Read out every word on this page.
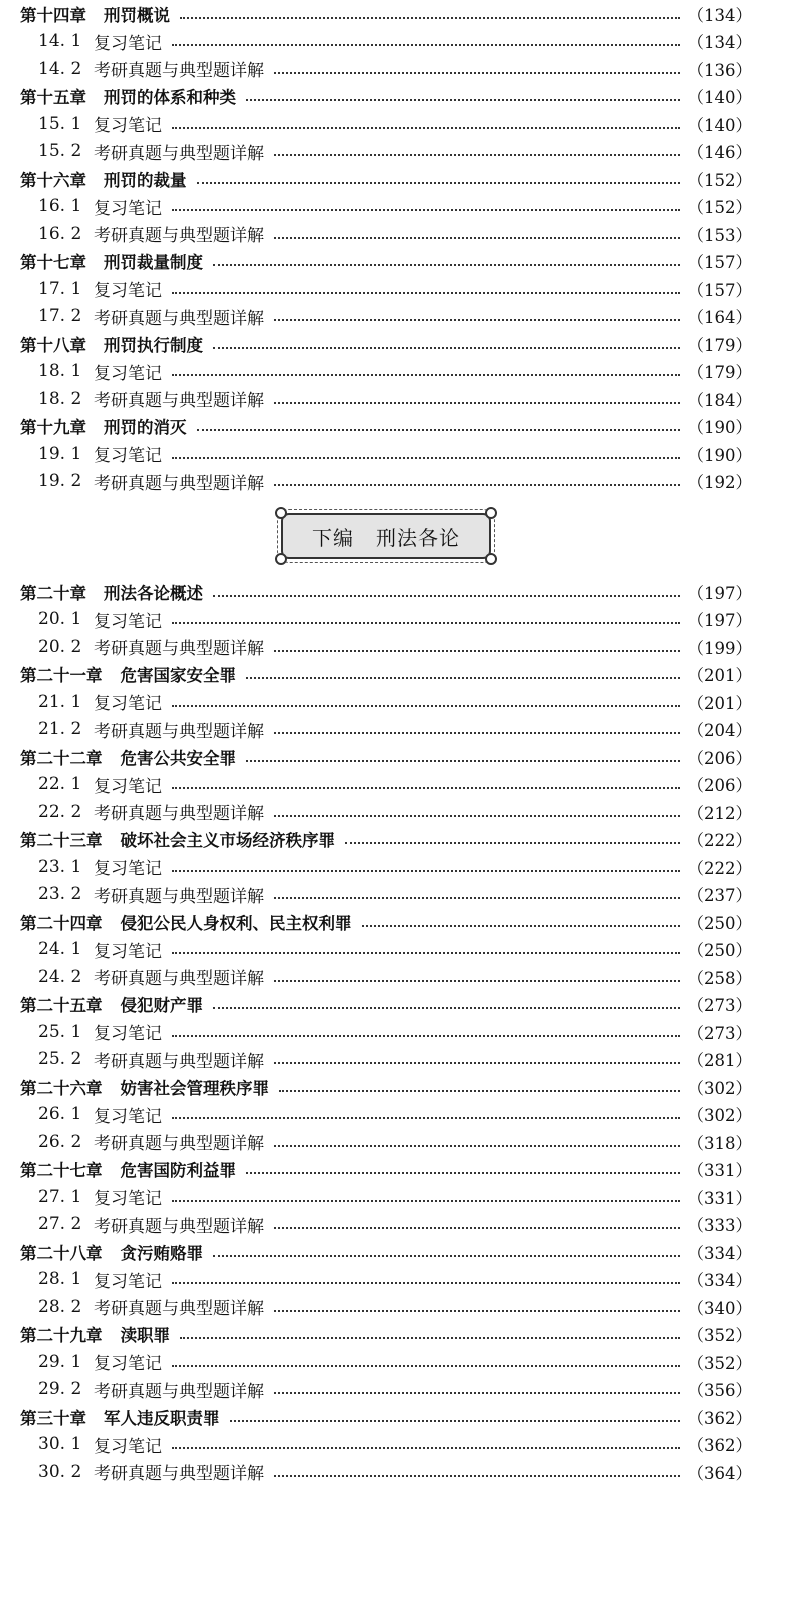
第十四章 刑罚概说	（134）
14. 1 复习笔记	（134）
14. 2 考研真题与典型题详解	（136）
第十五章 刑罚的体系和种类	（140）
15. 1 复习笔记	（140）
15. 2 考研真题与典型题详解	（146）
第十六章 刑罚的裁量	（152）
16. 1 复习笔记	（152）
16. 2 考研真题与典型题详解	（153）
第十七章 刑罚裁量制度	（157）
17. 1 复习笔记	（157）
17. 2 考研真题与典型题详解	（164）
第十八章 刑罚执行制度	（179）
18. 1 复习笔记	（179）
18. 2 考研真题与典型题详解	（184）
第十九章 刑罚的消灭	（190）
19. 1 复习笔记	（190）
19. 2 考研真题与典型题详解	（192）
下编 刑法各论
第二十章 刑法各论概述	（197）
20. 1 复习笔记	（197）
20. 2 考研真题与典型题详解	（199）
第二十一章 危害国家安全罪	（201）
21. 1 复习笔记	（201）
21. 2 考研真题与典型题详解	（204）
第二十二章 危害公共安全罪	（206）
22. 1 复习笔记	（206）
22. 2 考研真题与典型题详解	（212）
第二十三章 破坏社会主义市场经济秩序罪	（222）
23. 1 复习笔记	（222）
23. 2 考研真题与典型题详解	（237）
第二十四章 侵犯公民人身权利、民主权利罪	（250）
24. 1 复习笔记	（250）
24. 2 考研真题与典型题详解	（258）
第二十五章 侵犯财产罪	（273）
25. 1 复习笔记	（273）
25. 2 考研真题与典型题详解	（281）
第二十六章 妨害社会管理秩序罪	（302）
26. 1 复习笔记	（302）
26. 2 考研真题与典型题详解	（318）
第二十七章 危害国防利益罪	（331）
27. 1 复习笔记	（331）
27. 2 考研真题与典型题详解	（333）
第二十八章 贪污贿赂罪	（334）
28. 1 复习笔记	（334）
28. 2 考研真题与典型题详解	（340）
第二十九章 渎职罪	（352）
29. 1 复习笔记	（352）
29. 2 考研真题与典型题详解	（356）
第三十章 军人违反职责罪	（362）
30. 1 复习笔记	（362）
30. 2 考研真题与典型题详解	（364）
